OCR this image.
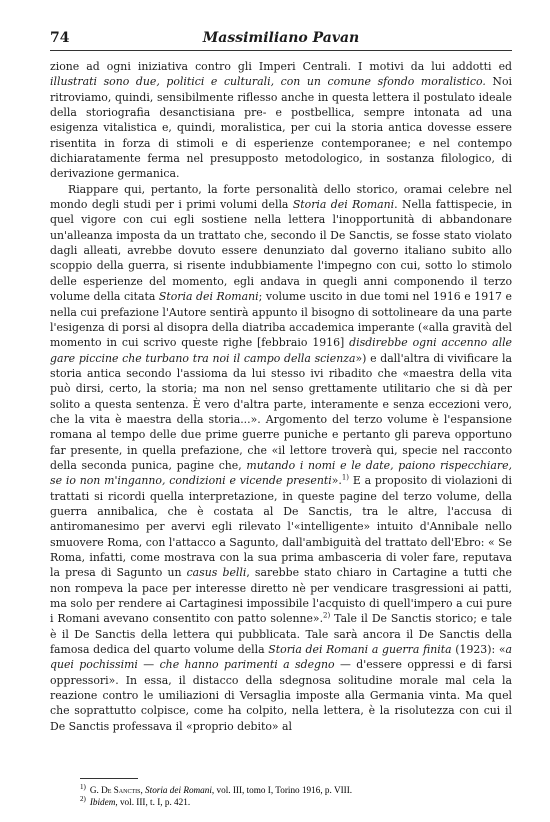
74	Massimiliano Pavan

zione ad ogni iniziativa contro gli Imperi Centrali. I motivi da lui addotti ed illustrati sono due, politici e culturali, con un comune sfondo moralistico. Noi ritroviamo, quindi, sensibilmente riflesso anche in questa lettera il postulato ideale della storiografia desanctisiana pre- e postbellica, sempre intonata ad una esigenza vitalistica e, quindi, moralistica, per cui la storia antica dovesse essere risentita in forza di stimoli e di esperienze contemporanee; e nel contempo dichiaratamente ferma nel presupposto metodologico, in sostanza filologico, di derivazione germanica.

Riappare qui, pertanto, la forte personalità dello storico, oramai celebre nel mondo degli studi per i primi volumi della Storia dei Romani. Nella fattispecie, in quel vigore con cui egli sostiene nella lettera l'inopportunità di abbandonare un'alleanza imposta da un trattato che, secondo il De Sanctis, se fosse stato violato dagli alleati, avrebbe dovuto essere denunziato dal governo italiano subito allo scoppio della guerra, si risente indubbiamente l'impegno con cui, sotto lo stimolo delle esperienze del momento, egli andava in quegli anni componendo il terzo volume della citata Storia dei Romani; volume uscito in due tomi nel 1916 e 1917 e nella cui prefazione l'Autore sentirà appunto il bisogno di sottolineare da una parte l'esigenza di porsi al disopra della diatriba accademica imperante («alla gravità del momento in cui scrivo queste righe [febbraio 1916] disdirebbe ogni accenno alle gare piccine che turbano tra noi il campo della scienza») e dall'altra di vivificare la storia antica secondo l'assioma da lui stesso ivi ribadito che «maestra della vita può dirsi, certo, la storia; ma non nel senso grettamente utilitario che si dà per solito a questa sentenza. È vero d'altra parte, interamente e senza eccezioni vero, che la vita è maestra della storia...». Argomento del terzo volume è l'espansione romana al tempo delle due prime guerre puniche e pertanto gli pareva opportuno far presente, in quella prefazione, che «il lettore troverà qui, specie nel racconto della seconda punica, pagine che, mutando i nomi e le date, paiono rispecchiare, se io non m'inganno, condizioni e vicende presenti».$^{1)}$ E a proposito di violazioni di trattati si ricordi quella interpretazione, in queste pagine del terzo volume, della guerra annibalica, che è costata al De Sanctis, tra le altre, l'accusa di antiromanesimo per avervi egli rilevato l'«intelligente» intuito d'Annibale nello smuovere Roma, con l'attacco a Sagunto, dall'ambiguità del trattato dell'Ebro: « Se Roma, infatti, come mostrava con la sua prima ambasceria di voler fare, reputava la presa di Sagunto un casus belli, sarebbe stato chiaro in Cartagine a tutti che non rompeva la pace per interesse diretto nè per vendicare trasgressioni ai patti, ma solo per rendere ai Cartaginesi impossibile l'acquisto di quell'impero a cui pure i Romani avevano consentito con patto solenne».$^{2)}$ Tale il De Sanctis storico; e tale è il De Sanctis della lettera qui pubblicata. Tale sarà ancora il De Sanctis della famosa dedica del quarto volume della Storia dei Romani a guerra finita (1923): «a quei pochissimi — che hanno parimenti a sdegno — d'essere oppressi e di farsi oppressori». In essa, il distacco della sdegnosa solitudine morale mal cela la reazione contro le umiliazioni di Versaglia imposte alla Germania vinta. Ma quel che soprattutto colpisce, come ha colpito, nella lettera, è la risolutezza con cui il De Sanctis professava il «proprio debito» al

$^{1)}$ G. De Sanctis, Storia dei Romani, vol. III, tomo I, Torino 1916, p. VIII.

$^{2)}$ Ibidem, vol. III, t. I, p. 421.
